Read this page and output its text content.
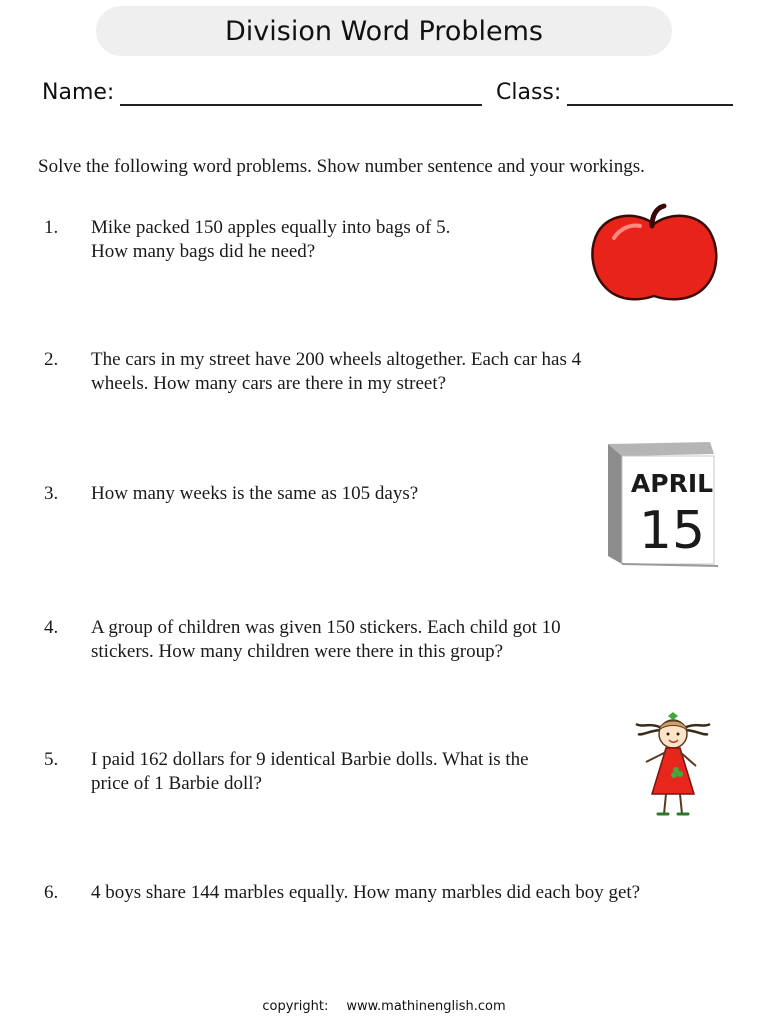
Division Word Problems
Name:	Class:
Solve the following word problems. Show number sentence and your workings.
1.	Mike packed 150 apples equally into bags of 5.
How many bags did he need?
2.	The cars in my street have 200 wheels altogether. Each car has 4
wheels. How many cars are there in my street?
3.	How many weeks is the same as 105 days?
4.	A group of children was given 150 stickers. Each child got 10
stickers. How many children were there in this group?
5.	I paid 162 dollars for 9 identical Barbie dolls. What is the
price of 1 Barbie doll?
6.	4 boys share 144 marbles equally. How many marbles did each boy get?
APRIL
15
copyright: www.mathinenglish.com
